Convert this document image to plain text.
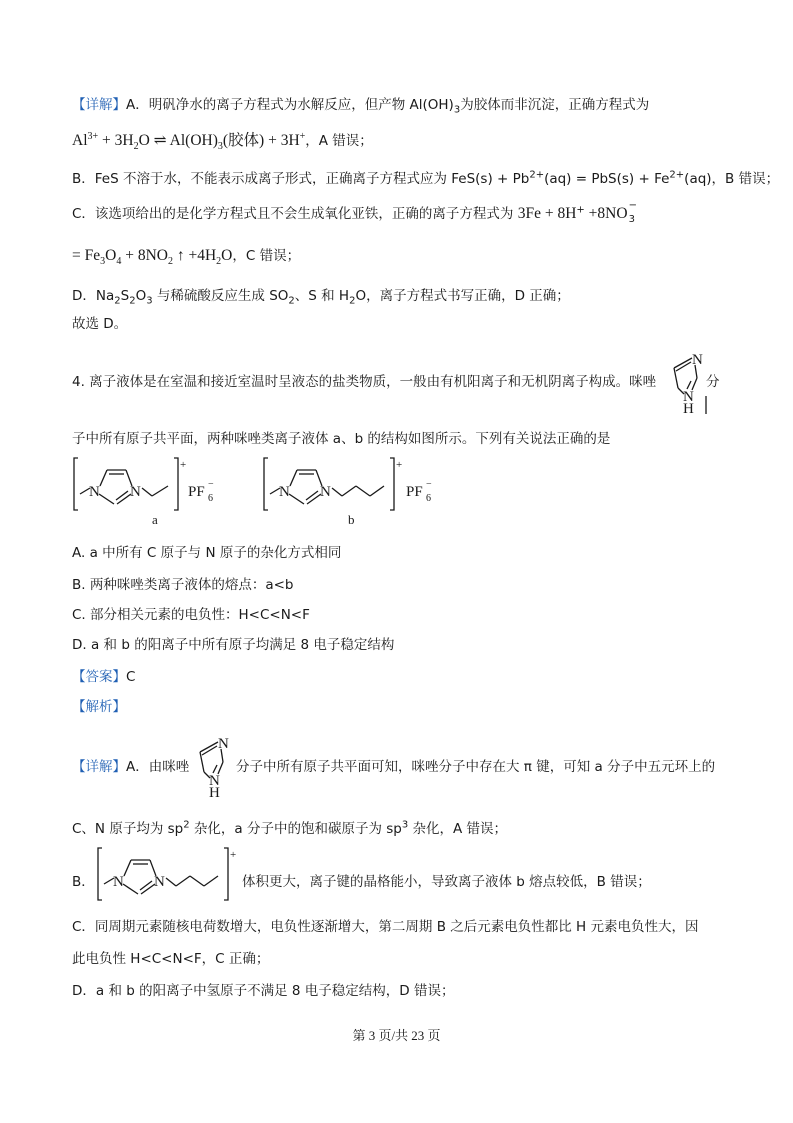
【详解】A．明矾净水的离子方程式为水解反应，但产物 $Al(OH)_3$为胶体而非沉淀，正确方程式为
$Al^{3+} + 3H_2O$ ⇌ $Al(OH)_3$(胶体) + 3H+，A 错误；
B．FeS 不溶于水，不能表示成离子形式，正确离子方程式应为 $FeS(s) + Pb^{2+}(aq) = PbS(s) + Fe^{2+}(aq)$，B 错误；
C．该选项给出的是化学方程式且不会生成氧化亚铁，正确的离子方程式为 3Fe + 8H+ +8NO −
3
= $Fe_3O_4 + 8NO_2$ ↑ $+4H_2O$，C 错误；
D．$Na_2S_2O_3$ 与稀硫酸反应生成 $SO_2$、S 和 $H_2O$，离子方程式书写正确，D 正确；
故选 D。
4. 离子液体是在室温和接近室温时呈液态的盐类物质，一般由有机阳离子和无机阴离子构成。咪唑	分
N
N
H
子中所有原子共平面，两种咪唑类离子液体 a、b 的结构如图所示。下列有关说法正确的是
N N
+
PF 6
−
a
N N
+
PF 6
−
b
A. a 中所有 C 原子与 N 原子的杂化方式相同
B. 两种咪唑类离子液体的熔点：a<b
C. 部分相关元素的电负性：H<C<N<F
D. a 和 b 的阳离子中所有原子均满足 8 电子稳定结构
【答案】C
【解析】
【详解】A．由咪唑
N
N
H
分子中所有原子共平面可知，咪唑分子中存在大 π 键，可知 a 分子中五元环上的
C、N 原子均为 $sp^2$ 杂化，a 分子中的饱和碳原子为 $sp^3$ 杂化，A 错误；
B． N N
+
体积更大，离子键的晶格能小，导致离子液体 b 熔点较低，B 错误；
C．同周期元素随核电荷数增大，电负性逐渐增大，第二周期 B 之后元素电负性都比 H 元素电负性大，因
此电负性 H<C<N<F，C 正确；
D．a 和 b 的阳离子中氢原子不满足 8 电子稳定结构，D 错误；
第 3 页/共 23 页
